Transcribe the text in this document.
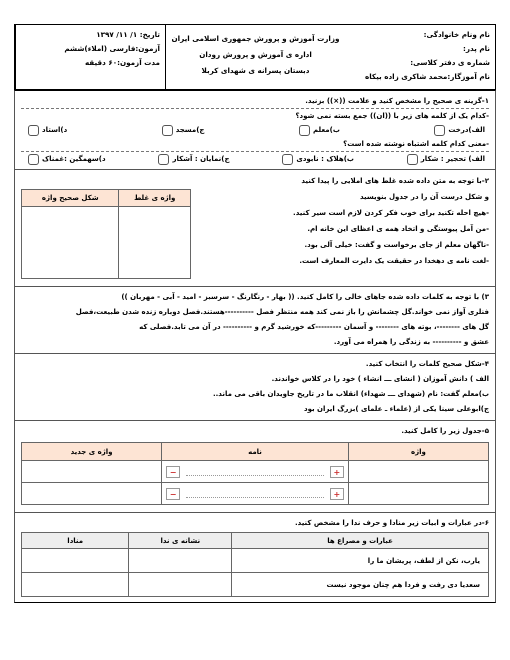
نام ونام خانوادگی:
نام پدر:
شماره ی دفتر کلاسی:
نام آموزگار:محمد شاکری زاده بیکاه
وزارت آموزش و پرورش جمهوری اسلامی ایران
اداره ی آموزش و پرورش رودان
دبستان پسرانه ی شهدای کربلا
تاریخ: ۱/ ۱۱/ ۱۳۹۷
آزمون:فارسی (املاء)ششم
مدت آزمون:۶۰ دقیقه
۱-گزینه ی صحیح را مشخص کنید و علامت ((×)) بزنید.
-کدام یک از کلمه های زیر با ((ان)) جمع بسته نمی شود؟
الف)درخت
ب)معلم
ج)مسجد
د)استاد
-معنی کدام کلمه اشتباه نوشته شده است؟
الف) تحجیر : شکار
ب)هلاک : نابودی
ج)نمایان : آشکار
د)سهمگین :غمناک
۲-با توجه به متن داده شده غلط های املایی را پیدا کنید
و شکل درست آن را در جدول بنویسید
-هیچ احله تکنید برای خوب فکر کردن لازم است سیر کنید.
-من آمل پیوستگی و اتخاد همه ی اعظای این خانه ام.
-ناگهان معلم از جای برخواست و گفت: خیلی آلی بود.
-لغت نامه ی دهخدا در حقیقت یک دایرت المعارف است.
واژه ی غلط	شکل صحیح واژه

۳) با توجه به کلمات داده شده جاهای خالی را کامل کنید. (( بهار - رنگارنگ - سرسبز - امید - آبی - مهربان ))
فنلری آواز نمی خواند.گل چشمانش را باز نمی کند همه منتظر فصل ----------هستند.فصل دوباره زنده شدن طبیعت،فصل
گل های --------، بوته های -------- و آسمان ---------که خورشید گرم و ---------- در آن می تابد.فصلی که
عشق و ---------- به زندگی را همراه می آورد.
۴-شکل صحیح کلمات را انتخاب کنید.
الف ) دانش آموزان ( انشای ـــ انشاء ) خود را در کلاس خواندند.
ب)معلم گفت: نام (شهدای ـــ شهداء) انقلاب ما در تاریخ جاویدان باقی می ماند..
ج)ابوعلی سینا یکی از (علماء ـ علمای )بزرگ ایران بود
۵-جدول زیر را کامل کنید.
واژه	نامه	واژه ی جدید

	+
−	

	+
−	

۶-در عبارات و ابیات زیر منادا و حرف ندا را مشخص کنید.
عبارات و مصراع ها	نشانه ی ندا	منادا
یارب، نکن از لطف، پریشان ما را		
سعدیا دی رفت و فردا هم چنان موجود نیست		
